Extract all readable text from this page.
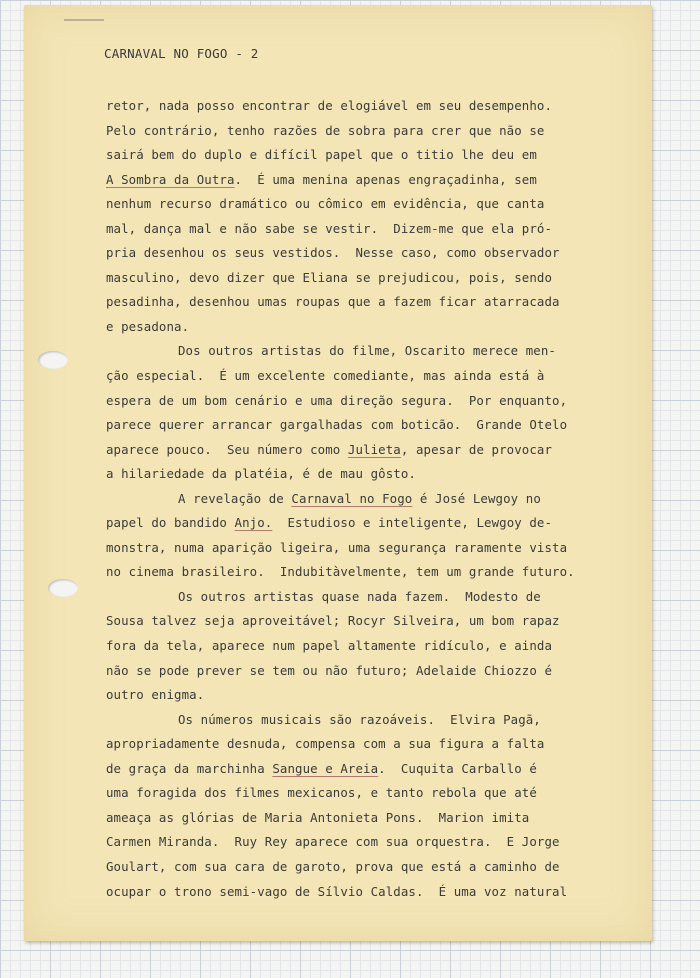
CARNAVAL NO FOGO - 2
retor, nada posso encontrar de elogiável em seu desempenho.
Pelo contrário, tenho razões de sobra para crer que não se
sairá bem do duplo e difícil papel que o titio lhe deu em
A Sombra da Outra.  É uma menina apenas engraçadinha, sem
nenhum recurso dramático ou cômico em evidência, que canta
mal, dança mal e não sabe se vestir.  Dizem-me que ela pró-
pria desenhou os seus vestidos.  Nesse caso, como observador
masculino, devo dizer que Eliana se prejudicou, pois, sendo
pesadinha, desenhou umas roupas que a fazem ficar atarracada
e pesadona.
Dos outros artistas do filme, Oscarito merece men-
ção especial.  É um excelente comediante, mas ainda está à
espera de um bom cenário e uma direção segura.  Por enquanto,
parece querer arrancar gargalhadas com boticão.  Grande Otelo
aparece pouco.  Seu número como Julieta, apesar de provocar
a hilariedade da platéia, é de mau gôsto.
A revelação de Carnaval no Fogo é José Lewgoy no
papel do bandido Anjo.  Estudioso e inteligente, Lewgoy de-
monstra, numa aparição ligeira, uma segurança raramente vista
no cinema brasileiro.  Indubitàvelmente, tem um grande futuro.
Os outros artistas quase nada fazem.  Modesto de
Sousa talvez seja aproveitável; Rocyr Silveira, um bom rapaz
fora da tela, aparece num papel altamente ridículo, e ainda
não se pode prever se tem ou não futuro; Adelaide Chiozzo é
outro enigma.
Os números musicais são razoáveis.  Elvira Pagã,
apropriadamente desnuda, compensa com a sua figura a falta
de graça da marchinha Sangue e Areia.  Cuquita Carballo é
uma foragida dos filmes mexicanos, e tanto rebola que até
ameaça as glórias de Maria Antonieta Pons.  Marion imita
Carmen Miranda.  Ruy Rey aparece com sua orquestra.  E Jorge
Goulart, com sua cara de garoto, prova que está a caminho de
ocupar o trono semi-vago de Sílvio Caldas.  É uma voz natural
